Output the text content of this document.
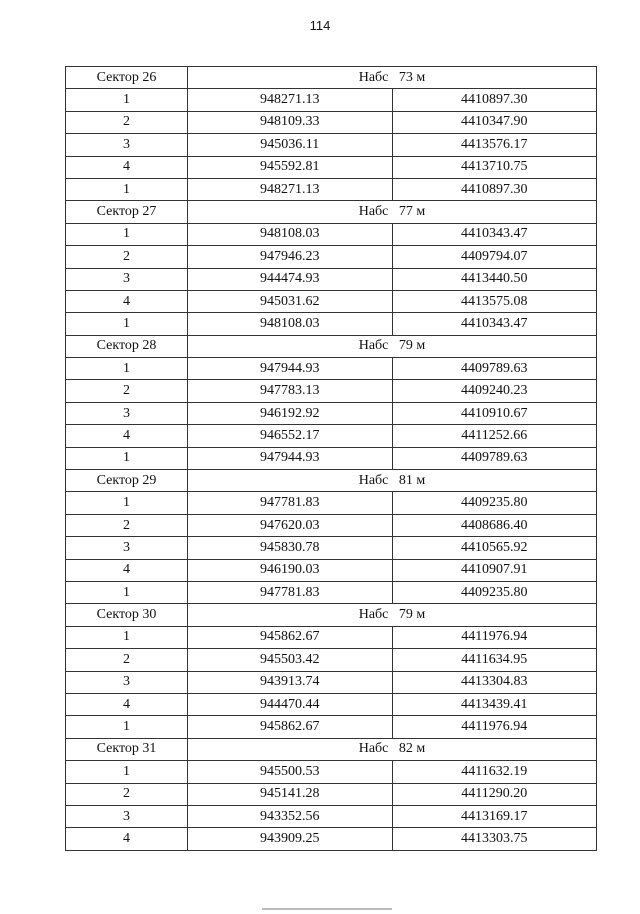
114
Сектор 26	Набс   73 м	
1	948271.13	4410897.30
2	948109.33	4410347.90
3	945036.11	4413576.17
4	945592.81	4413710.75
1	948271.13	4410897.30
Сектор 27	Набс   77 м	
1	948108.03	4410343.47
2	947946.23	4409794.07
3	944474.93	4413440.50
4	945031.62	4413575.08
1	948108.03	4410343.47
Сектор 28	Набс   79 м	
1	947944.93	4409789.63
2	947783.13	4409240.23
3	946192.92	4410910.67
4	946552.17	4411252.66
1	947944.93	4409789.63
Сектор 29	Набс   81 м	
1	947781.83	4409235.80
2	947620.03	4408686.40
3	945830.78	4410565.92
4	946190.03	4410907.91
1	947781.83	4409235.80
Сектор 30	Набс   79 м	
1	945862.67	4411976.94
2	945503.42	4411634.95
3	943913.74	4413304.83
4	944470.44	4413439.41
1	945862.67	4411976.94
Сектор 31	Набс   82 м	
1	945500.53	4411632.19
2	945141.28	4411290.20
3	943352.56	4413169.17
4	943909.25	4413303.75
